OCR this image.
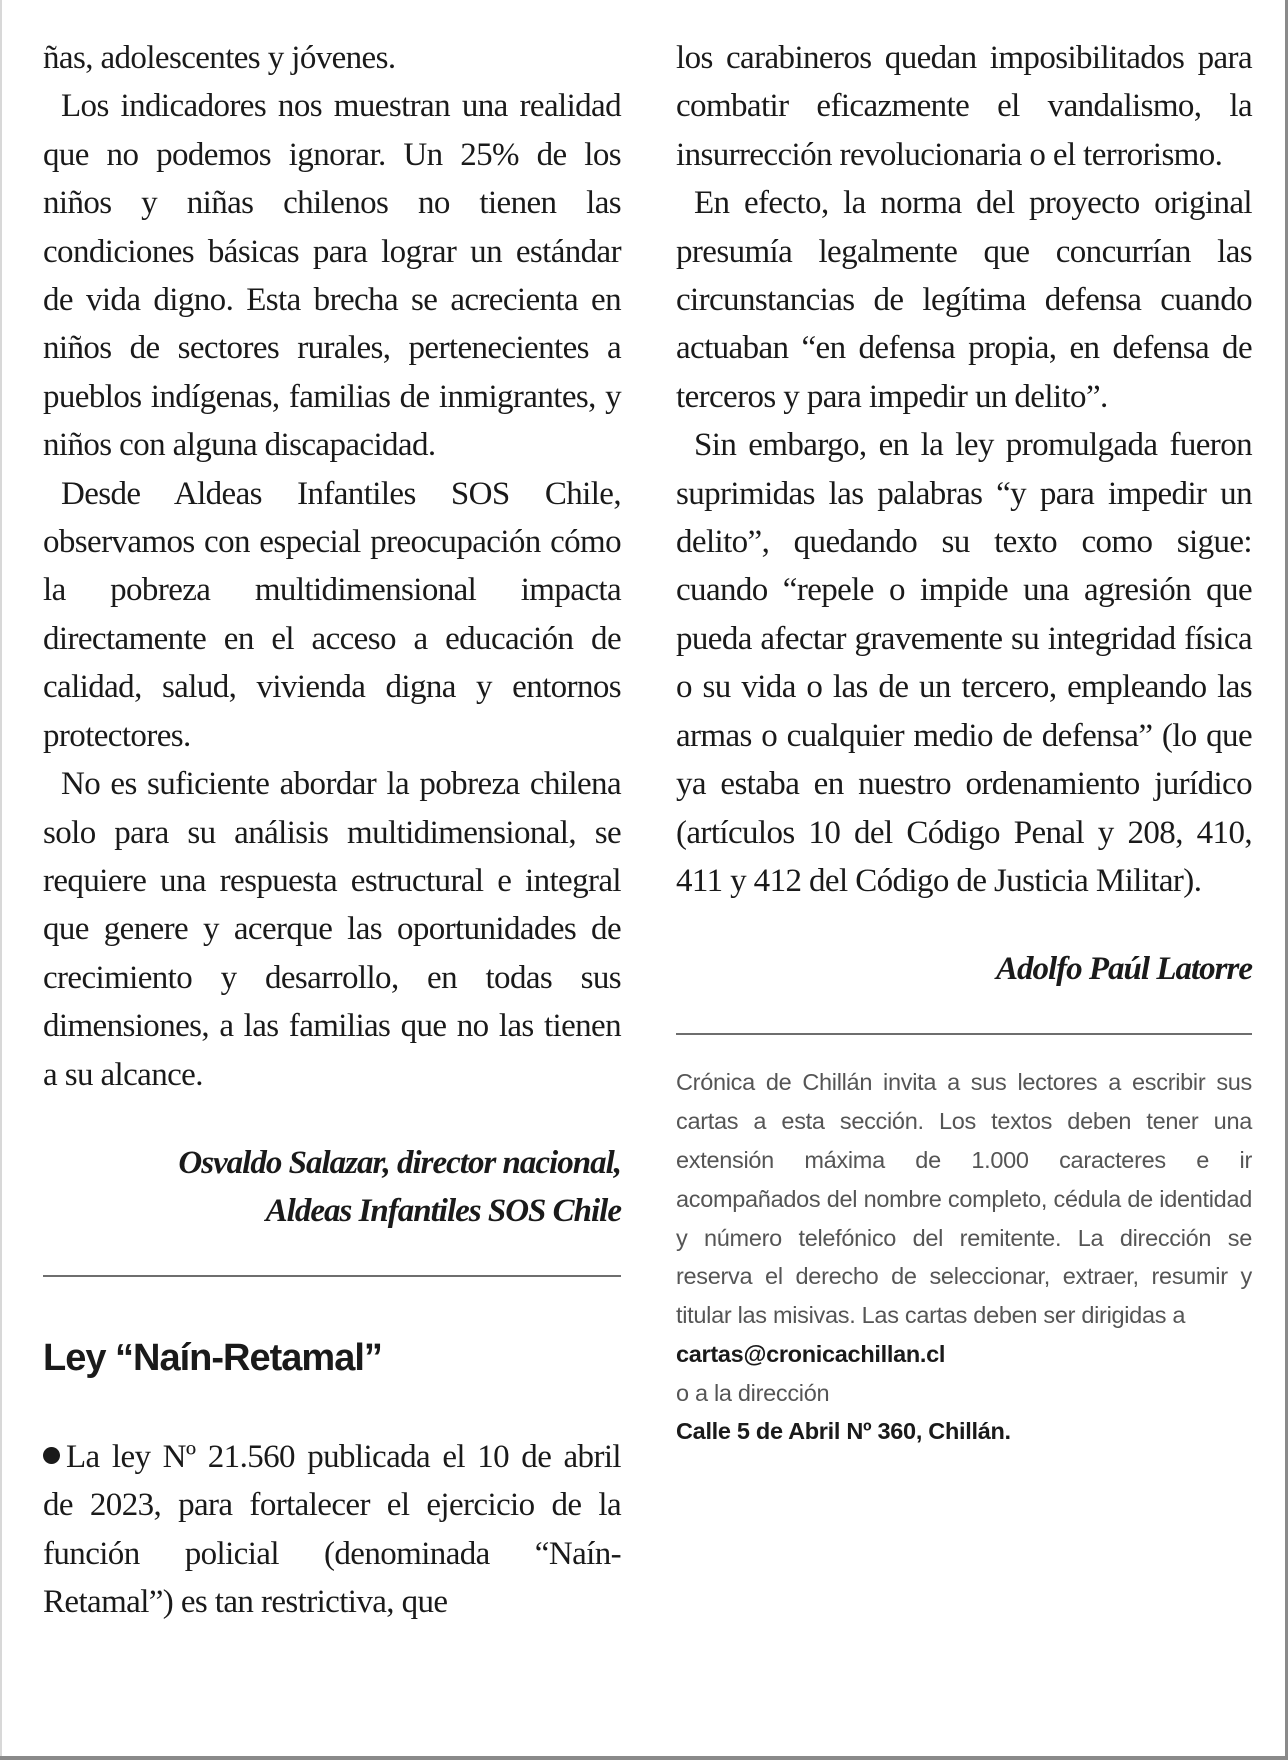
ñas, adolescentes y jóvenes.

Los indicadores nos muestran una realidad que no podemos ignorar. Un 25% de los niños y niñas chilenos no tienen las condiciones básicas para lograr un estándar de vida digno. Esta brecha se acrecienta en niños de sectores rurales, pertenecientes a pueblos indígenas, familias de inmigrantes, y niños con alguna discapacidad.

Desde Aldeas Infantiles SOS Chile, observamos con especial preocupación cómo la pobreza multidimensional impacta directamente en el acceso a educación de calidad, salud, vivienda digna y entornos protectores.

No es suficiente abordar la pobreza chilena solo para su análisis multidimensional, se requiere una respuesta estructural e integral que genere y acerque las oportunidades de crecimiento y desarrollo, en todas sus dimensiones, a las familias que no las tienen a su alcance.

Osvaldo Salazar, director nacional,

Aldeas Infantiles SOS Chile

Ley “Naín-Retamal”

La ley Nº 21.560 publicada el 10 de abril de 2023, para fortalecer el ejercicio de la función policial (denominada “Naín-Retamal”) es tan restrictiva, que

los carabineros quedan imposibilitados para combatir eficazmente el vandalismo, la insurrección revolucionaria o el terrorismo.

En efecto, la norma del proyecto original presumía legalmente que concurrían las circunstancias de legítima defensa cuando actuaban “en defensa propia, en defensa de terceros y para impedir un delito”.

Sin embargo, en la ley promulgada fueron suprimidas las palabras “y para impedir un delito”, quedando su texto como sigue: cuando “repele o impide una agresión que pueda afectar gravemente su integridad física o su vida o las de un tercero, empleando las armas o cualquier medio de defensa” (lo que ya estaba en nuestro ordenamiento jurídico (artículos 10 del Código Penal y 208, 410, 411 y 412 del Código de Justicia Militar).

Adolfo Paúl Latorre

Crónica de Chillán invita a sus lectores a escribir sus cartas a esta sección. Los textos deben tener una extensión máxima de 1.000 caracteres e ir acompañados del nombre completo, cédula de identidad y número telefónico del remitente. La dirección se reserva el derecho de seleccionar, extraer, resumir y titular las misivas. Las cartas deben ser dirigidas a
cartas@cronicachillan.cl
o a la dirección
Calle 5 de Abril Nº 360, Chillán.
